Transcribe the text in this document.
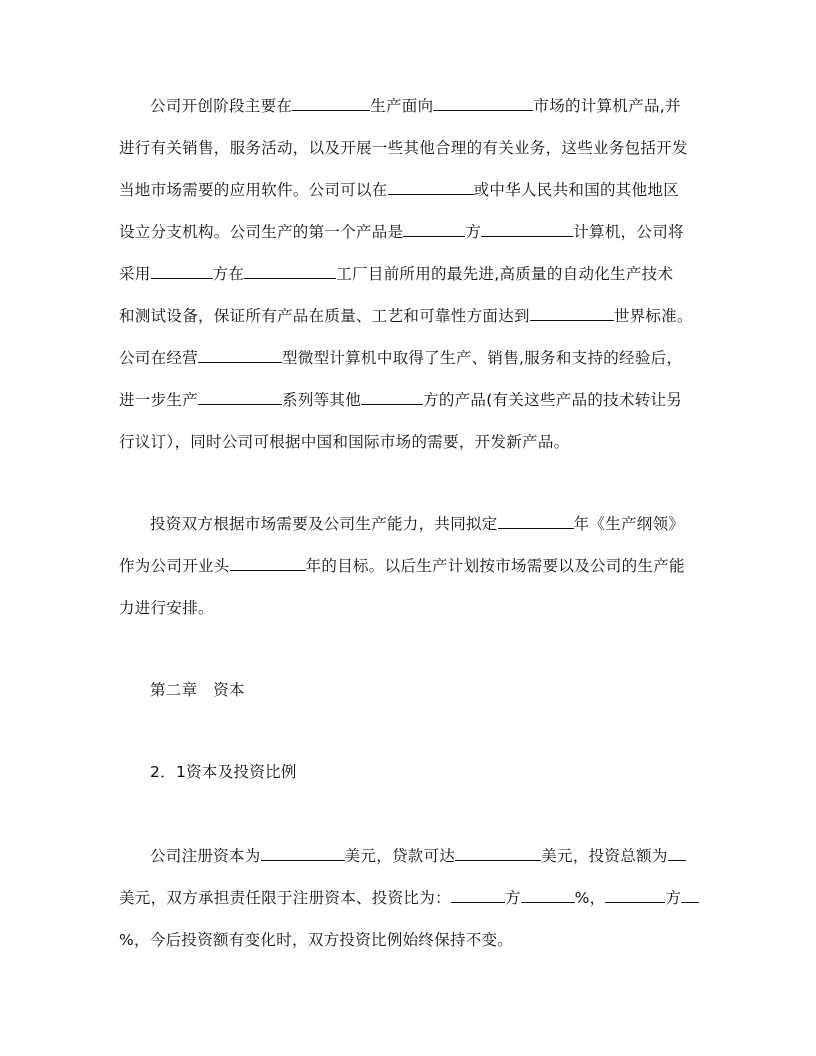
公司开创阶段主要在	生产面向	市场的计算机产品,并
进行有关销售，服务活动，以及开展一些其他合理的有关业务，这些业务包括开发
当地市场需要的应用软件。公司可以在	或中华人民共和国的其他地区
设立分支机构。公司生产的第一个产品是	方	计算机，公司将
采用	方在	工厂目前所用的最先进,高质量的自动化生产技术
和测试设备，保证所有产品在质量、工艺和可靠性方面达到	世界标准。
公司在经营	型微型计算机中取得了生产、销售,服务和支持的经验后，
进一步生产	系列等其他	方的产品(有关这些产品的技术转让另
行议订），同时公司可根据中国和国际市场的需要，开发新产品。
投资双方根据市场需要及公司生产能力，共同拟定	年《生产纲领》
作为公司开业头	年的目标。以后生产计划按市场需要以及公司的生产能
力进行安排。
第二章　资本
2．1资本及投资比例
公司注册资本为	美元，贷款可达	美元，投资总额为
美元，双方承担责任限于注册资本、投资比为：	方	%，	方
%，今后投资额有变化时，双方投资比例始终保持不变。
